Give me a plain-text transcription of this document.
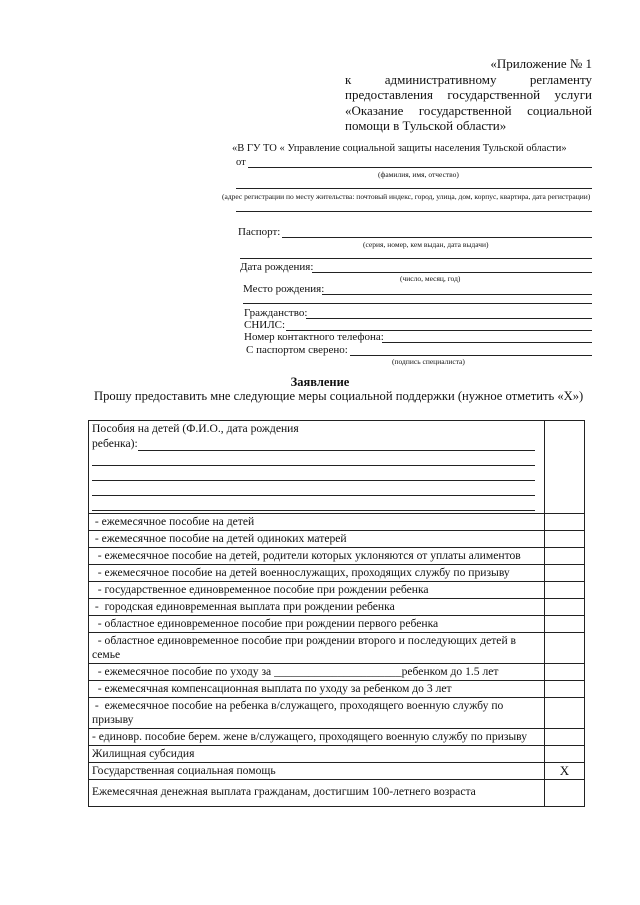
«Приложение № 1
к административному регламенту
предоставления государственной услуги
«Оказание государственной социальной
помощи в Тульской области»
«В ГУ ТО « Управление социальной защиты населения Тульской области»
от
(фамилия, имя, отчество)
(адрес регистрации по месту жительства: почтовый индекс, город, улица, дом, корпус, квартира, дата регистрации)
Паспорт:
(серия, номер, кем выдан, дата выдачи)
Дата рождения:
(число, месяц, год)
Место рождения:
Гражданство:
СНИЛС:
Номер контактного телефона:
С паспортом сверено:
(подпись специалиста)
Заявление
Прошу предоставить мне следующие меры социальной поддержки (нужное отметить «Х»)
Пособия на детей (Ф.И.О., дата рождения
ребенка):	

- ежемесячное пособие на детей	
- ежемесячное пособие на детей одиноких матерей	
- ежемесячное пособие на детей, родители которых уклоняются от уплаты алиментов	
- ежемесячное пособие на детей военнослужащих, проходящих службу по призыву	
- государственное единовременное пособие при рождении ребенка	
-  городская единовременная выплата при рождении ребенка	
- областное единовременное пособие при рождении первого ребенка	
- областное единовременное пособие при рождении второго и последующих детей в семье	
- ежемесячное пособие по уходу за ______________________ребенком до 1.5 лет	
- ежемесячная компенсационная выплата по уходу за ребенком до 3 лет	
-  ежемесячное пособие на ребенка в/служащего, проходящего военную службу по призыву	
- единовр. пособие берем. жене в/служащего, проходящего военную службу по призыву	
Жилищная субсидия	
Государственная социальная помощь	X
Ежемесячная денежная выплата гражданам, достигшим 100-летнего возраста	
